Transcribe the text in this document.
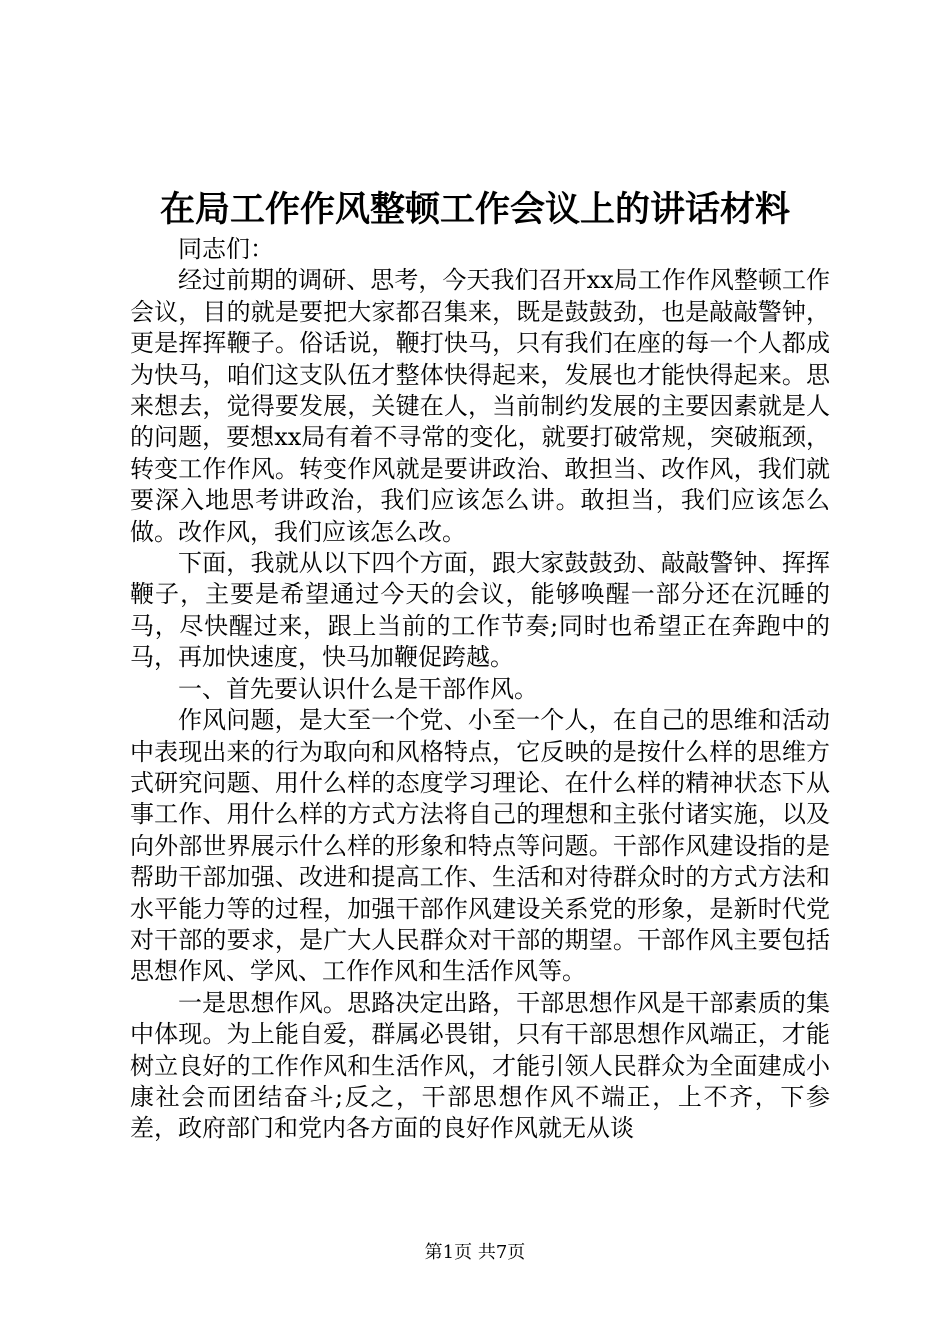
在局工作作风整顿工作会议上的讲话材料

同志们：

经过前期的调研、思考，今天我们召开xx局工作作风整顿工作会议，目的就是要把大家都召集来，既是鼓鼓劲，也是敲敲警钟，更是挥挥鞭子。俗话说，鞭打快马，只有我们在座的每一个人都成为快马，咱们这支队伍才整体快得起来，发展也才能快得起来。思来想去，觉得要发展，关键在人，当前制约发展的主要因素就是人的问题，要想xx局有着不寻常的变化，就要打破常规，突破瓶颈，转变工作作风。转变作风就是要讲政治、敢担当、改作风，我们就要深入地思考讲政治，我们应该怎么讲。敢担当，我们应该怎么做。改作风，我们应该怎么改。

下面，我就从以下四个方面，跟大家鼓鼓劲、敲敲警钟、挥挥鞭子，主要是希望通过今天的会议，能够唤醒一部分还在沉睡的马，尽快醒过来，跟上当前的工作节奏;同时也希望正在奔跑中的马，再加快速度，快马加鞭促跨越。

一、首先要认识什么是干部作风。

作风问题，是大至一个党、小至一个人，在自己的思维和活动中表现出来的行为取向和风格特点，它反映的是按什么样的思维方式研究问题、用什么样的态度学习理论、在什么样的精神状态下从事工作、用什么样的方式方法将自己的理想和主张付诸实施，以及向外部世界展示什么样的形象和特点等问题。干部作风建设指的是帮助干部加强、改进和提高工作、生活和对待群众时的方式方法和水平能力等的过程，加强干部作风建设关系党的形象，是新时代党对干部的要求，是广大人民群众对干部的期望。干部作风主要包括思想作风、学风、工作作风和生活作风等。

一是思想作风。思路决定出路，干部思想作风是干部素质的集中体现。为上能自爱，群属必畏钳，只有干部思想作风端正，才能树立良好的工作作风和生活作风，才能引领人民群众为全面建成小康社会而团结奋斗;反之，干部思想作风不端正，上不齐，下参差，政府部门和党内各方面的良好作风就无从谈

第1页 共7页
